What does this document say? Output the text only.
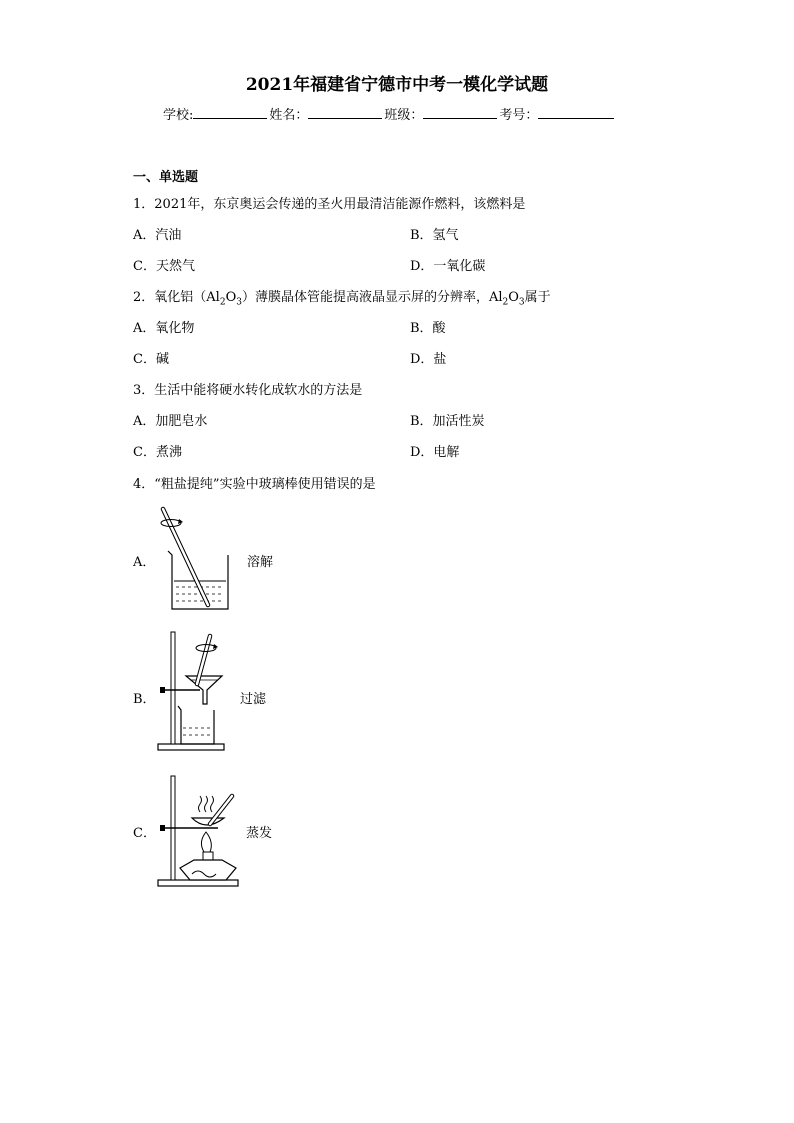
2021年福建省宁德市中考一模化学试题
学校:	姓名：	班级：	考号：
一、单选题
1．2021年，东京奥运会传递的圣火用最清洁能源作燃料，该燃料是
A．汽油	B．氢气
C．天然气	D．一氧化碳
2．氧化铝$(Al_2O_3)$薄膜晶体管能提高液晶显示屏的分辨率，$Al_2O_3$属于
A．氧化物	B．酸
C．碱	D．盐
3．生活中能将硬水转化成软水的方法是
A．加肥皂水	B．加活性炭
C．煮沸	D．电解
4．“粗盐提纯”实验中玻璃棒使用错误的是
A．	溶解
B．	过滤
C．	蒸发
